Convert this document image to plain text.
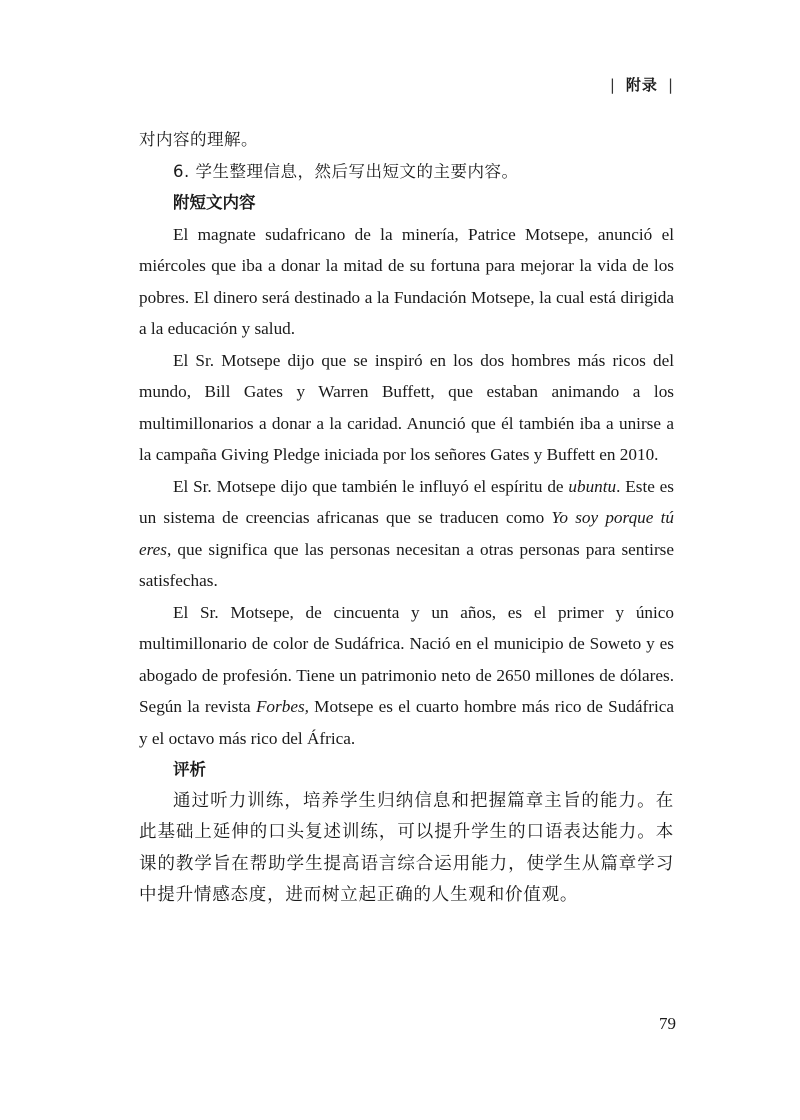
| 附录 |

对内容的理解。

6. 学生整理信息，然后写出短文的主要内容。

附短文内容

El magnate sudafricano de la minería, Patrice Motsepe, anunció el miércoles que iba a donar la mitad de su fortuna para mejorar la vida de los pobres. El dinero será destinado a la Fundación Motsepe, la cual está dirigida a la educación y salud.

El Sr. Motsepe dijo que se inspiró en los dos hombres más ricos del mundo, Bill Gates y Warren Buffett, que estaban animando a los multimillonarios a donar a la caridad. Anunció que él también iba a unirse a la campaña Giving Pledge iniciada por los señores Gates y Buffett en 2010.

El Sr. Motsepe dijo que también le influyó el espíritu de ubuntu. Este es un sistema de creencias africanas que se traducen como Yo soy porque tú eres, que significa que las personas necesitan a otras personas para sentirse satisfechas.

El Sr. Motsepe, de cincuenta y un años, es el primer y único multimillonario de color de Sudáfrica. Nació en el municipio de Soweto y es abogado de profesión. Tiene un patrimonio neto de 2650 millones de dólares. Según la revista Forbes, Motsepe es el cuarto hombre más rico de Sudáfrica y el octavo más rico del África.

评析

通过听力训练，培养学生归纳信息和把握篇章主旨的能力。在此基础上延伸的口头复述训练，可以提升学生的口语表达能力。本课的教学旨在帮助学生提高语言综合运用能力，使学生从篇章学习中提升情感态度，进而树立起正确的人生观和价值观。

79
